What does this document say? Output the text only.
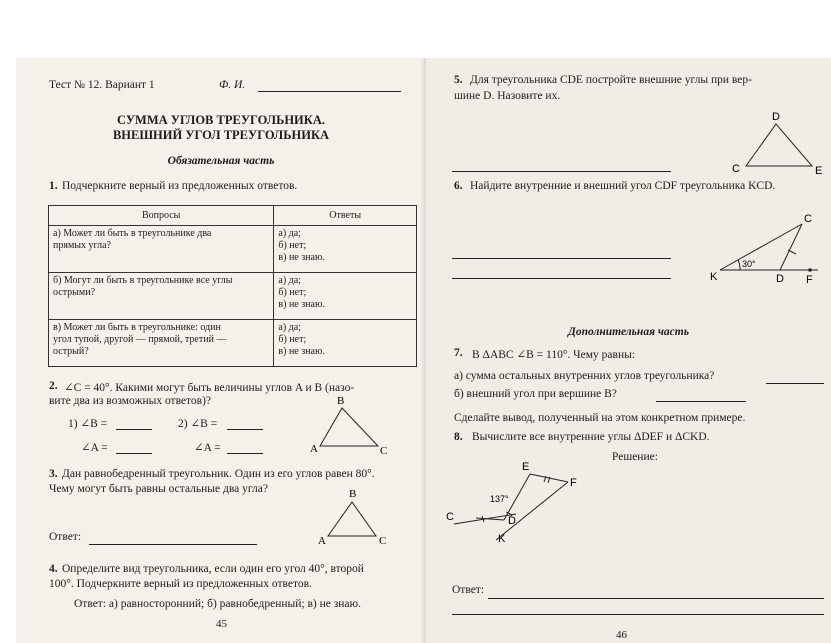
Тест № 12. Вариант 1	Ф. И.
СУММА УГЛОВ ТРЕУГОЛЬНИКА.
ВНЕШНИЙ УГОЛ ТРЕУГОЛЬНИКА
Обязательная часть
1. Подчеркните верный из предложенных ответов.
Вопросы	Ответы

а) Может ли быть в треугольнике два
прямых угла?	а) да;
б) нет;
в) не знаю.

б) Могут ли быть в треугольнике все углы
острыми?	а) да;
б) нет;
в) не знаю.

в) Может ли быть в треугольнике: один
угол тупой, другой — прямой, третий —
острый?	а) да;
б) нет;
в) не знаю.
2. ∠C = 40°. Какими могут быть величины углов A и B (назо-
вите два из возможных ответов)?
1) ∠B =	2) ∠B =
∠A =	∠A =	A
B
C
3. Дан равнобедренный треугольник. Один из его углов равен 80°.
Чему могут быть равны остальные два угла?
Ответ:	A
B
C
4. Определите вид треугольника, если один его угол 40°, второй
100°. Подчеркните верный из предложенных ответов.
Ответ: а) равносторонний; б) равнобедренный; в) не знаю.
45
5. Для треугольника CDE постройте внешние углы при вер-
шине D. Назовите их.
C
D
E
6. Найдите внутренние и внешний угол CDF треугольника KCD.
30°
C
K	D F
Дополнительная часть
7. В ΔABC ∠B = 110°. Чему равны:
а) сумма остальных внутренних углов треугольника?
б) внешний угол при вершине B?
Сделайте вывод, полученный на этом конкретном примере.
8. Вычислите все внутренние углы ΔDEF и ΔCKD.
Решение:
137°
E
F
C	D
K
Ответ:
46
